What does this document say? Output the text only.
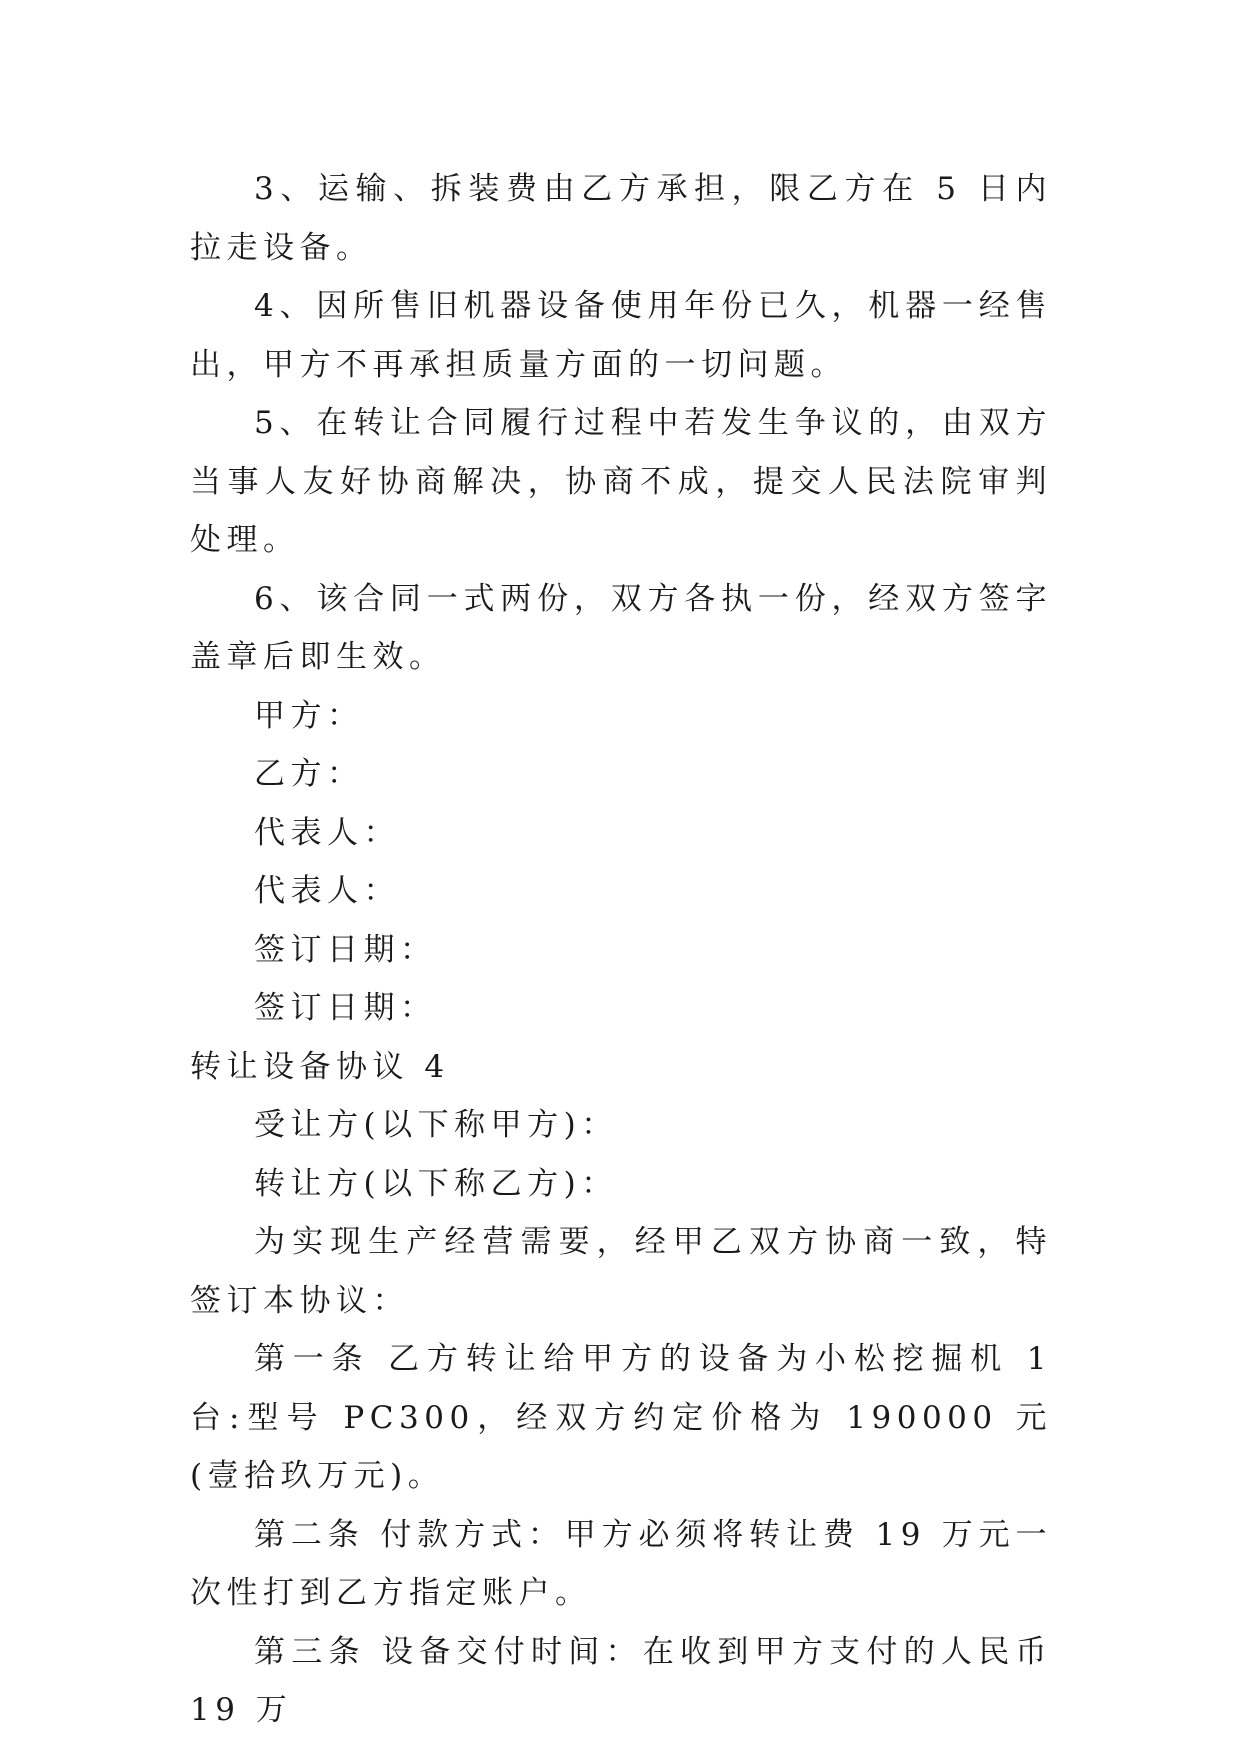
3、运输、拆装费由乙方承担，限乙方在 5 日内拉走设备。

4、因所售旧机器设备使用年份已久，机器一经售出，甲方不再承担质量方面的一切问题。

5、在转让合同履行过程中若发生争议的，由双方当事人友好协商解决，协商不成，提交人民法院审判处理。

6、该合同一式两份，双方各执一份，经双方签字盖章后即生效。

甲方：

乙方：

代表人：

代表人：

签订日期：

签订日期：

转让设备协议 4

受让方(以下称甲方)：

转让方(以下称乙方)：

为实现生产经营需要，经甲乙双方协商一致，特签订本协议：

第一条 乙方转让给甲方的设备为小松挖掘机 1 台:型号 PC300，经双方约定价格为 190000 元(壹拾玖万元)。

第二条 付款方式：甲方必须将转让费 19 万元一次性打到乙方指定账户。

第三条 设备交付时间：在收到甲方支付的人民币 19 万
